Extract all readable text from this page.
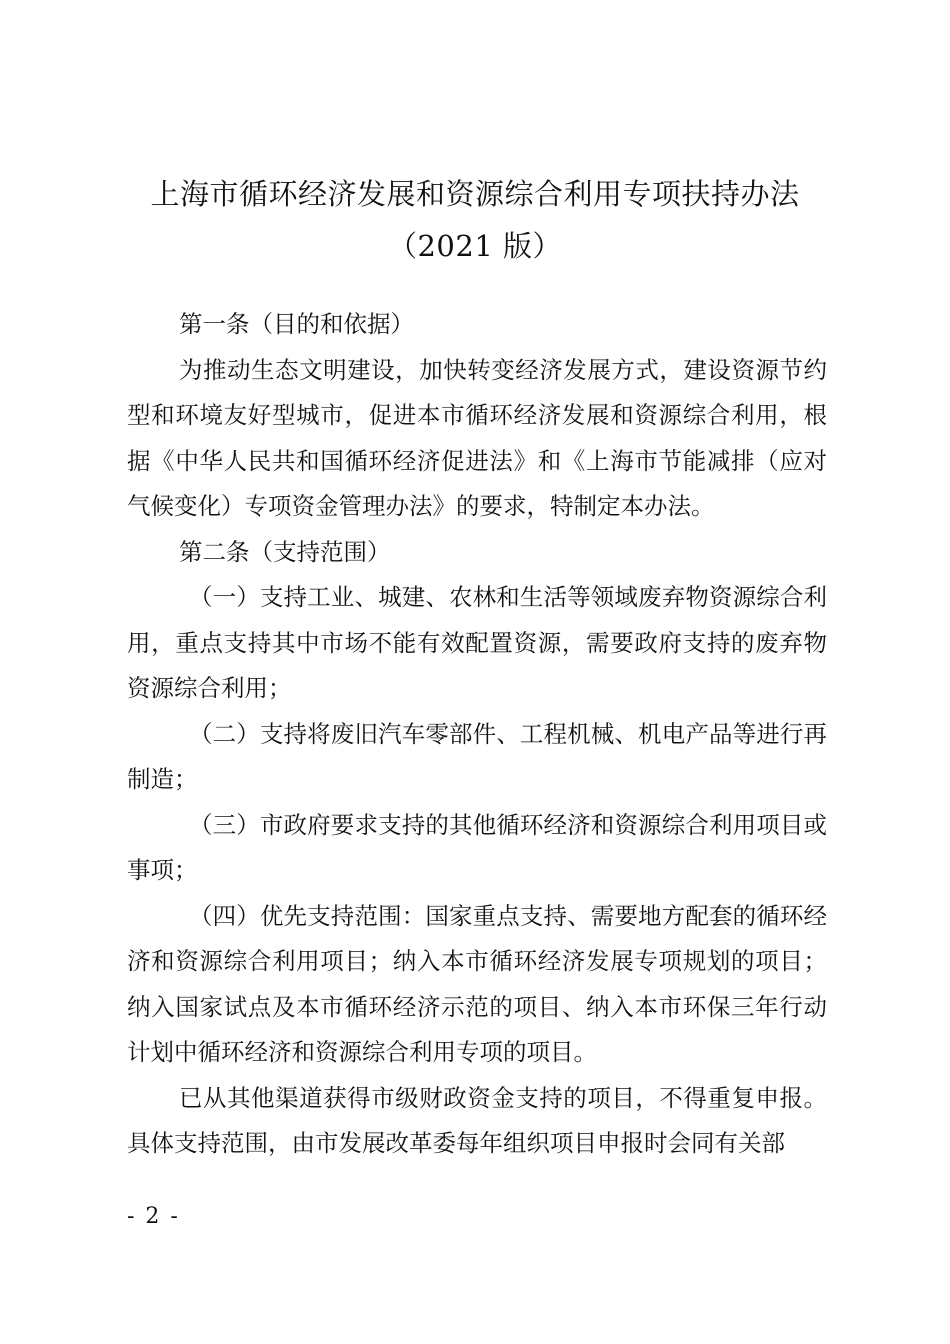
上海市循环经济发展和资源综合利用专项扶持办法
（2021 版）

第一条（目的和依据）

为推动生态文明建设，加快转变经济发展方式，建设资源节约型和环境友好型城市，促进本市循环经济发展和资源综合利用，根据《中华人民共和国循环经济促进法》和《上海市节能减排（应对气候变化）专项资金管理办法》的要求，特制定本办法。

第二条（支持范围）

（一）支持工业、城建、农林和生活等领域废弃物资源综合利用，重点支持其中市场不能有效配置资源，需要政府支持的废弃物资源综合利用；

（二）支持将废旧汽车零部件、工程机械、机电产品等进行再制造；

（三）市政府要求支持的其他循环经济和资源综合利用项目或事项；

（四）优先支持范围：国家重点支持、需要地方配套的循环经济和资源综合利用项目；纳入本市循环经济发展专项规划的项目；纳入国家试点及本市循环经济示范的项目、纳入本市环保三年行动计划中循环经济和资源综合利用专项的项目。

已从其他渠道获得市级财政资金支持的项目，不得重复申报。具体支持范围，由市发展改革委每年组织项目申报时会同有关部

- 2 -
